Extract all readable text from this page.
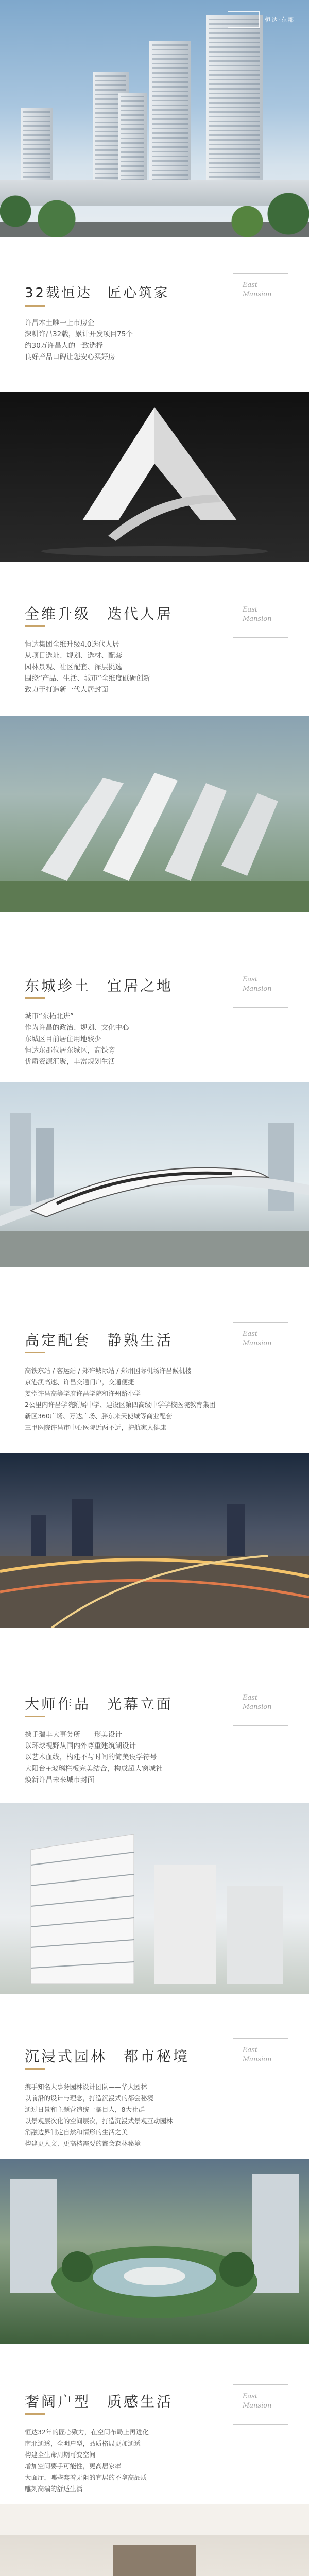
恒达·东郡
32载恒达　匠心筑家
East
Mansion
许昌本土唯一上市房企
深耕许昌32载，累计开发项目75个
约30万许昌人的一致选择
良好产品口碑让您安心买好房
全维升级　迭代人居	East
Mansion
恒达集团全维升级4.0迭代人居
从项目选址、规划、选材、配套
园林景观、社区配套、深层挑选
围绕“产品、生活、城市”全维度砥砺创新
致力于打造新一代人居封面
东城珍土　宜居之地	East
Mansion
城市“东拓北进”
作为许昌的政治、规划、文化中心
东城区目前居住用地较少
恒达东郡位居东城区，高铁旁
优质资源汇聚，丰富规划生活
高定配套　静熟生活	East
Mansion
高铁东站 / 客运站 / 郑许城际站 / 郑州国际机场许昌候机楼
京港澳高速、许昌交通门户，交通便捷
姜堂许昌高等学府许昌学院和许州路小学
2公里内许昌学院附属中学、建设区第四高级中学学校医院教育集团
新区360广场、万达广场、胖东来天使城等商业配套
三甲医院许昌市中心医院近两不远，护航家人健康
大师作品　光幕立面	East
Mansion
携手瑞丰大事务所——形美设计
以环球视野从国内外尊重建筑潮设计
以艺术血线，构建不与时间的简美设学符号
大阳台+玻璃栏板完美结合，构成超大窗城社
焕新许昌未来城市封面
沉浸式园林　都市秘境	East
Mansion
携手知名大事务园林设计团队——华大园林
以前沿的设计与理念，打造沉浸式的都会秘境
通过日景和主题营造统一瞩目人，8大社群
以景观层次化的空间层次，打造沉浸式景观互动园林
消融边界制定自然和情形的生活之美
构建更人文、更高档需要的都会森林秘境
奢阔户型　质感生活	East
Mansion
恒达32年的匠心致力，在空间布局上再进化
南北通透，全明户型，品质格局更加通透
构建全生命周期可变空间
增加空间要手可能性，更高居家率
大面厅，哪些套着无阻的宜居的不拿高品质
雕刻高端的舒适生活
